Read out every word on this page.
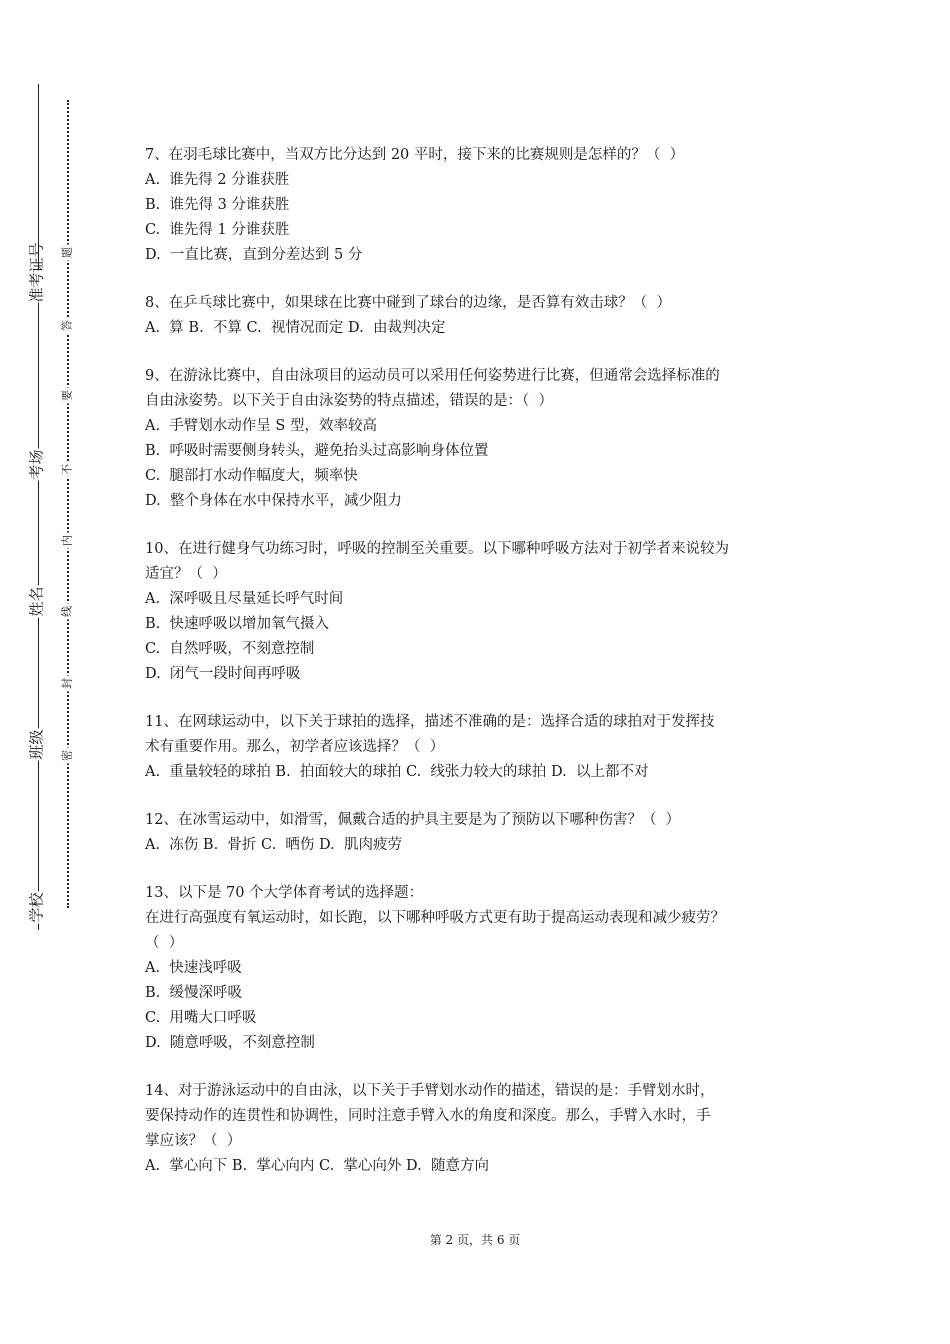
准考证号
考场
姓名
班级
学校
题
答
要
不
内
线
封
密
7、在羽毛球比赛中，当双方比分达到 20 平时，接下来的比赛规则是怎样的？（  ）
A.  谁先得 2 分谁获胜
B.  谁先得 3 分谁获胜
C.  谁先得 1 分谁获胜
D.  一直比赛，直到分差达到 5 分
8、在乒乓球比赛中，如果球在比赛中碰到了球台的边缘，是否算有效击球？（  ）
A.  算 B.  不算 C.  视情况而定 D.  由裁判决定
9、在游泳比赛中，自由泳项目的运动员可以采用任何姿势进行比赛，但通常会选择标准的
自由泳姿势。以下关于自由泳姿势的特点描述，错误的是：（  ）
A.  手臂划水动作呈 S 型，效率较高
B.  呼吸时需要侧身转头，避免抬头过高影响身体位置
C.  腿部打水动作幅度大，频率快
D.  整个身体在水中保持水平，减少阻力
10、在进行健身气功练习时，呼吸的控制至关重要。以下哪种呼吸方法对于初学者来说较为
适宜？（  ）
A.  深呼吸且尽量延长呼气时间
B.  快速呼吸以增加氧气摄入
C.  自然呼吸，不刻意控制
D.  闭气一段时间再呼吸
11、在网球运动中，以下关于球拍的选择，描述不准确的是：选择合适的球拍对于发挥技
术有重要作用。那么，初学者应该选择？（  ）
A.  重量较轻的球拍 B.  拍面较大的球拍 C.  线张力较大的球拍 D.  以上都不对
12、在冰雪运动中，如滑雪，佩戴合适的护具主要是为了预防以下哪种伤害？（  ）
A.  冻伤 B.  骨折 C.  晒伤 D.  肌肉疲劳
13、以下是 70 个大学体育考试的选择题：
在进行高强度有氧运动时，如长跑，以下哪种呼吸方式更有助于提高运动表现和减少疲劳？
（  ）
A.  快速浅呼吸
B.  缓慢深呼吸
C.  用嘴大口呼吸
D.  随意呼吸，不刻意控制
14、对于游泳运动中的自由泳，以下关于手臂划水动作的描述，错误的是：手臂划水时，
要保持动作的连贯性和协调性，同时注意手臂入水的角度和深度。那么，手臂入水时，手
掌应该？（  ）
A.  掌心向下 B.  掌心向内 C.  掌心向外 D.  随意方向
第 2 页，共 6 页
